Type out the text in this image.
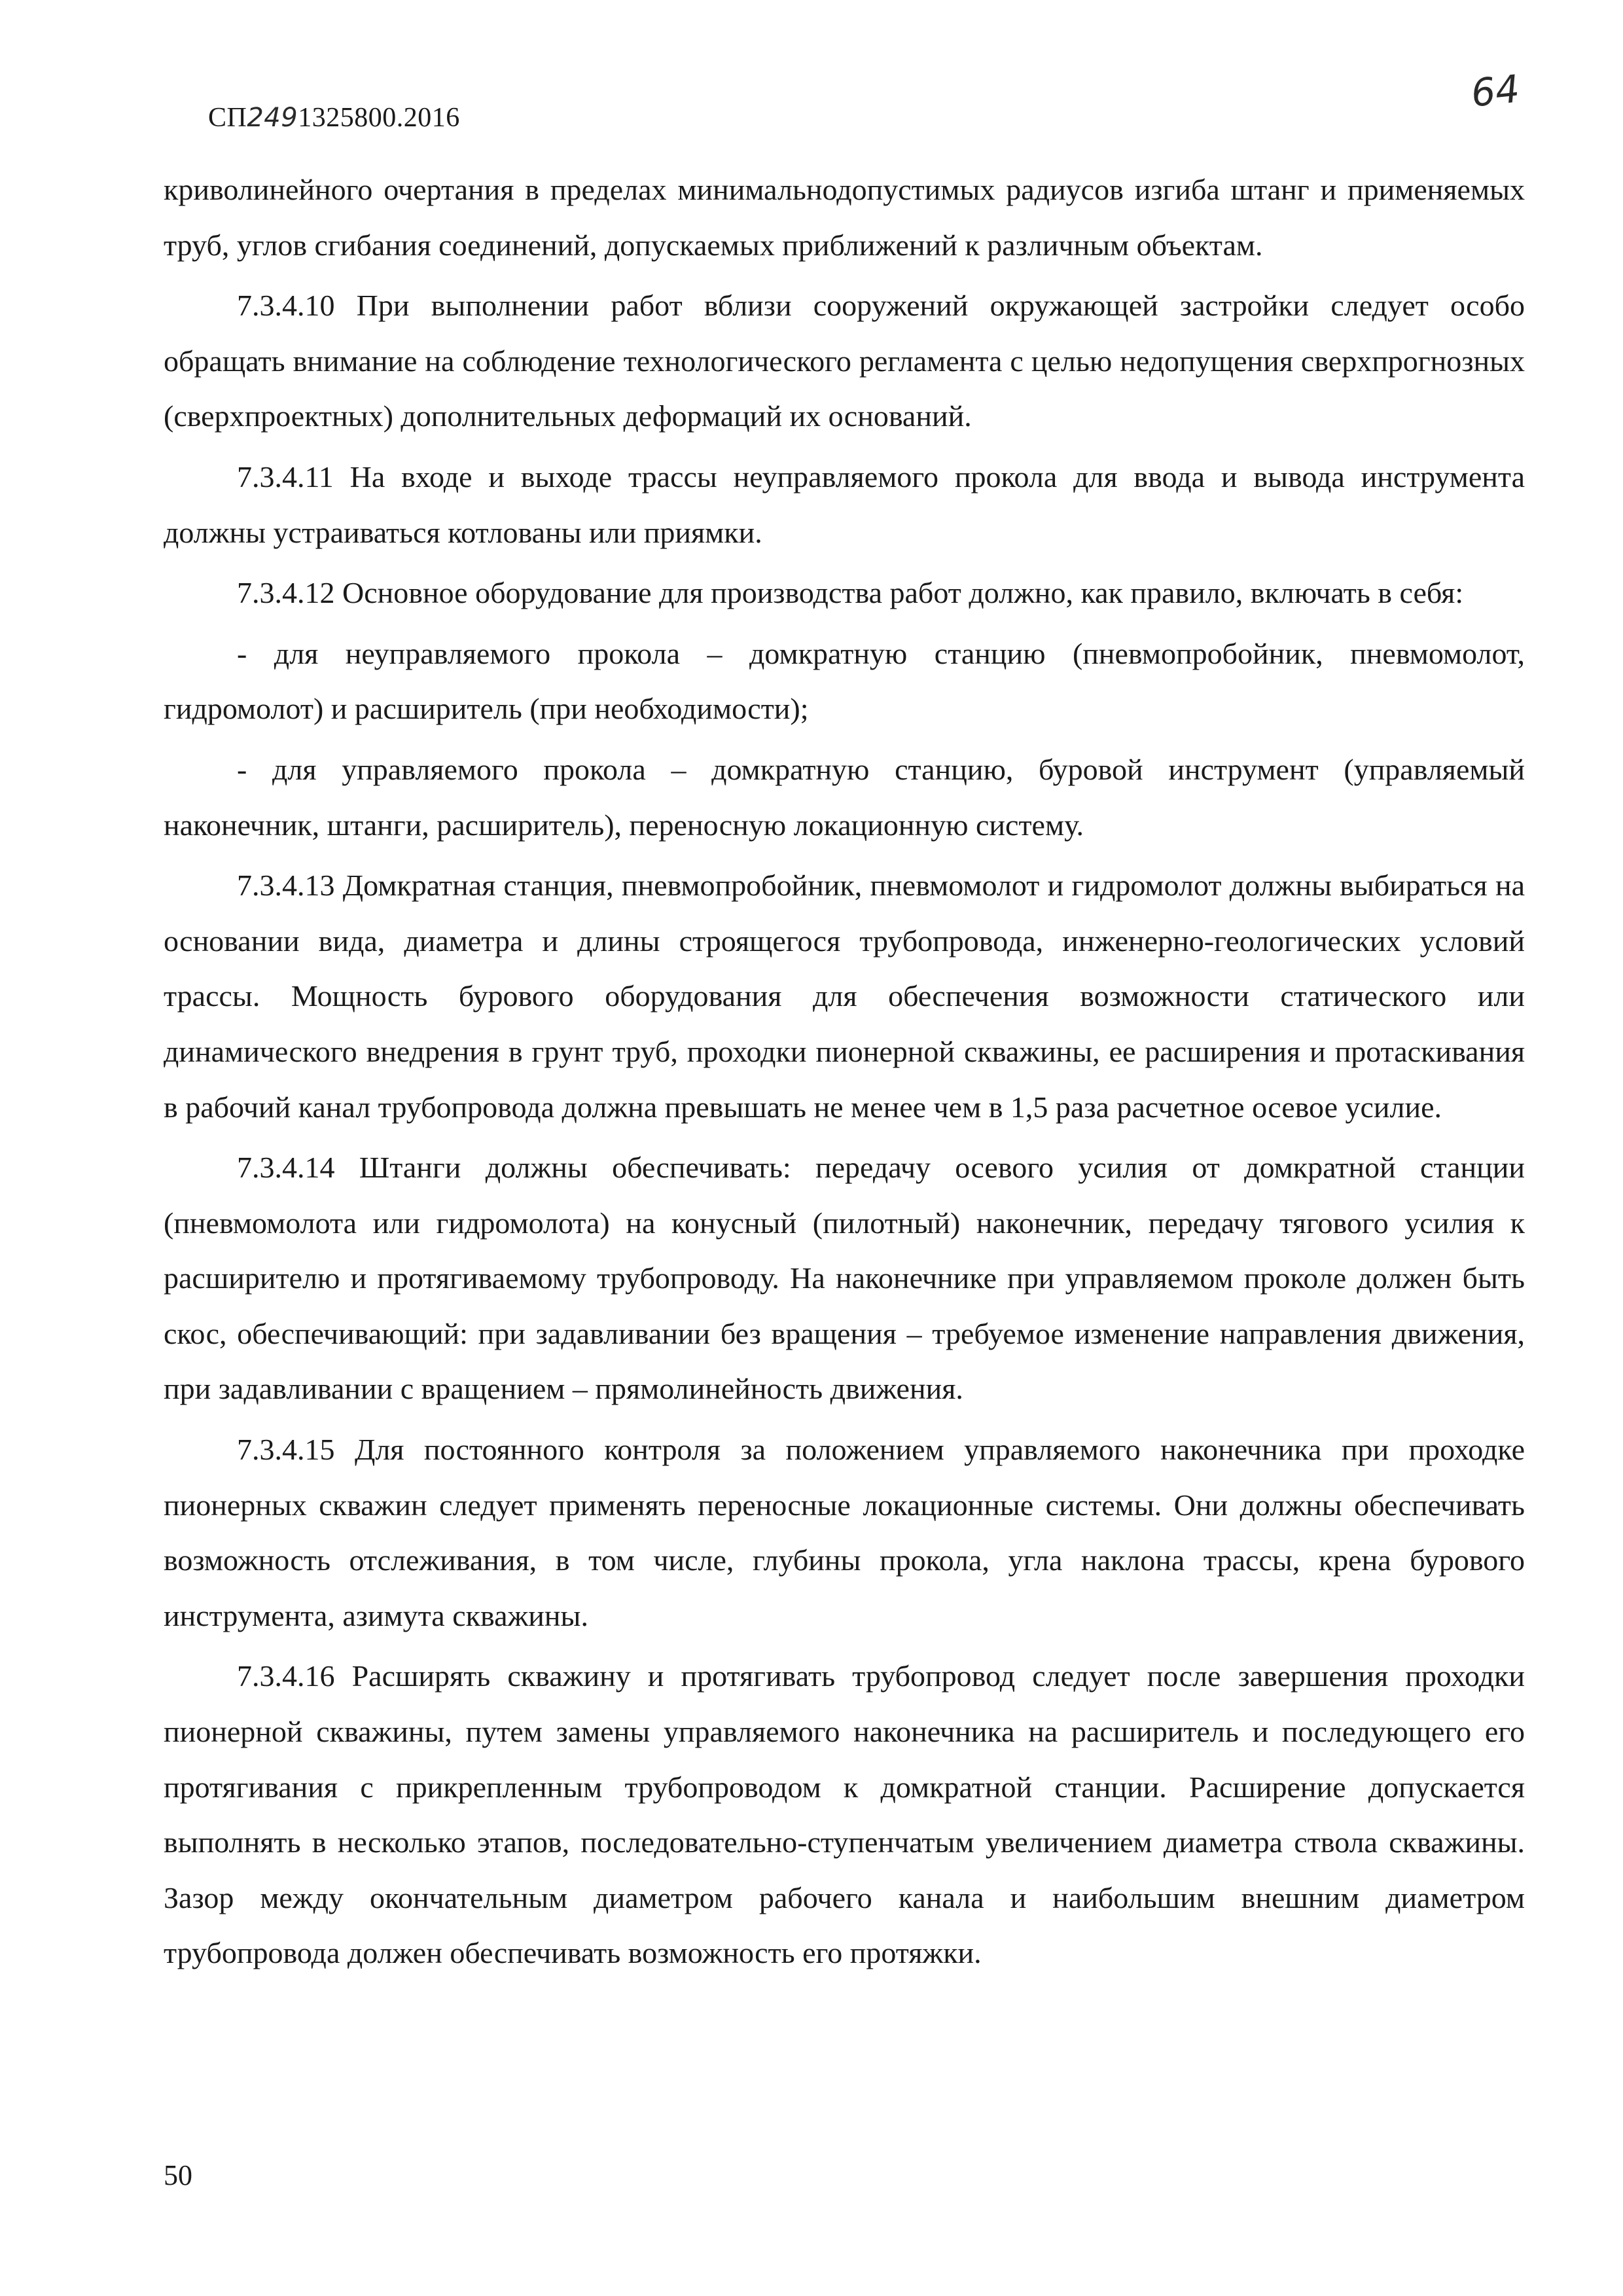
СП2491325800.2016
64

криволинейного очертания в пределах минимальнодопустимых радиусов изгиба штанг и применяемых труб, углов сгибания соединений, допускаемых приближений к различным объектам.

7.3.4.10 При выполнении работ вблизи сооружений окружающей застройки следует особо обращать внимание на соблюдение технологического регламента с целью недопущения сверхпрогнозных (сверхпроектных) дополнительных деформаций их оснований.

7.3.4.11 На входе и выходе трассы неуправляемого прокола для ввода и вывода инструмента должны устраиваться котлованы или приямки.

7.3.4.12 Основное оборудование для производства работ должно, как правило, включать в себя:

- для неуправляемого прокола – домкратную станцию (пневмопробойник, пневмомолот, гидромолот) и расширитель (при необходимости);

- для управляемого прокола – домкратную станцию, буровой инструмент (управляемый наконечник, штанги, расширитель), переносную локационную систему.

7.3.4.13 Домкратная станция, пневмопробойник, пневмомолот и гидромолот должны выбираться на основании вида, диаметра и длины строящегося трубопровода, инженерно-геологических условий трассы. Мощность бурового оборудования для обеспечения возможности статического или динамического внедрения в грунт труб, проходки пионерной скважины, ее расширения и протаскивания в рабочий канал трубопровода должна превышать не менее чем в 1,5 раза расчетное осевое усилие.

7.3.4.14 Штанги должны обеспечивать: передачу осевого усилия от домкратной станции (пневмомолота или гидромолота) на конусный (пилотный) наконечник, передачу тягового усилия к расширителю и протягиваемому трубопроводу. На наконечнике при управляемом проколе должен быть скос, обеспечивающий: при задавливании без вращения – требуемое изменение направления движения, при задавливании с вращением – прямолинейность движения.

7.3.4.15 Для постоянного контроля за положением управляемого наконечника при проходке пионерных скважин следует применять переносные локационные системы. Они должны обеспечивать возможность отслеживания, в том числе, глубины прокола, угла наклона трассы, крена бурового инструмента, азимута скважины.

7.3.4.16 Расширять скважину и протягивать трубопровод следует после завершения проходки пионерной скважины, путем замены управляемого наконечника на расширитель и последующего его протягивания с прикрепленным трубопроводом к домкратной станции. Расширение допускается выполнять в несколько этапов, последовательно-ступенчатым увеличением диаметра ствола скважины. Зазор между окончательным диаметром рабочего канала и наибольшим внешним диаметром трубопровода должен обеспечивать возможность его протяжки.

50
